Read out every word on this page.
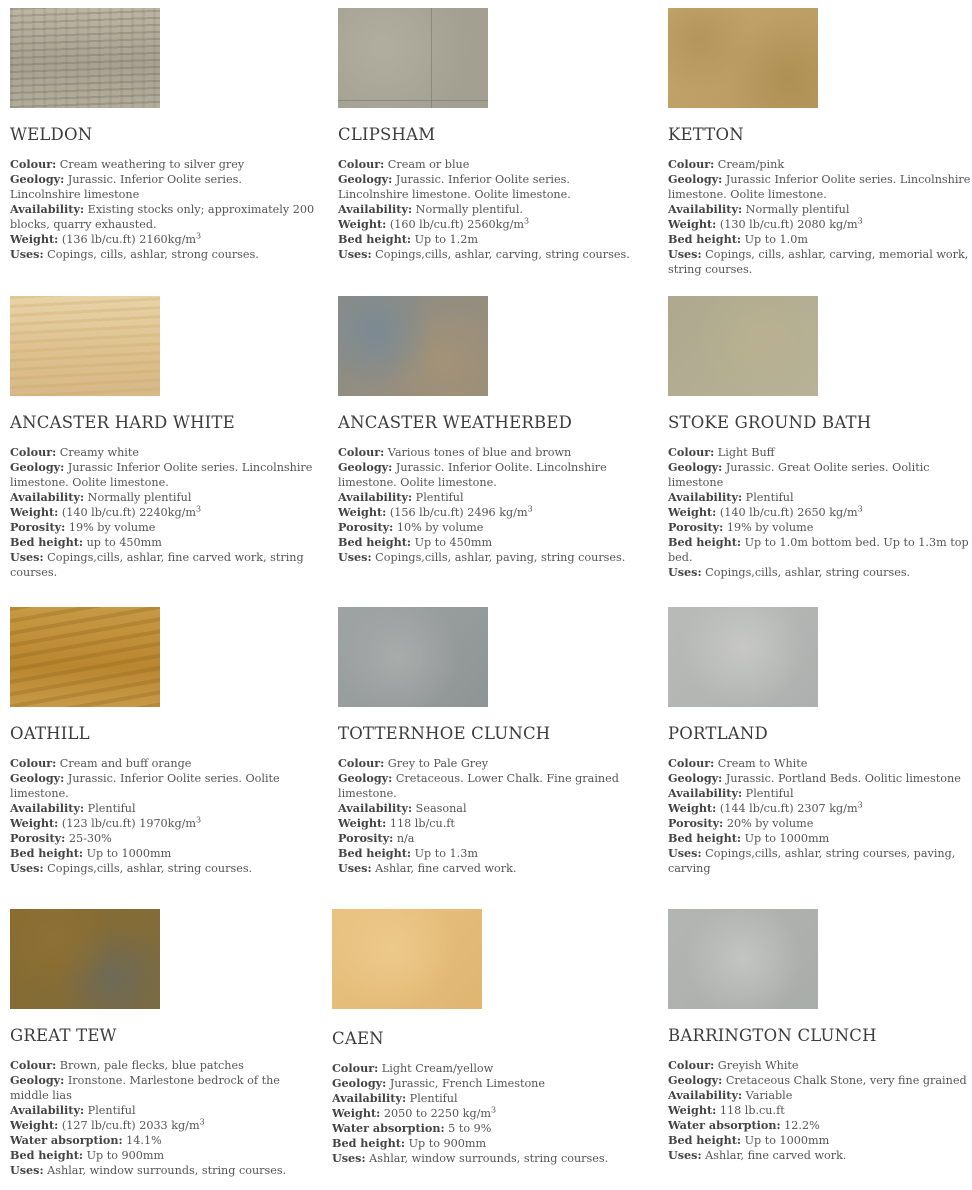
WELDON
Colour: Cream weathering to silver grey
Geology: Jurassic. Inferior Oolite series. Lincolnshire limestone
Availability: Existing stocks only; approximately 200 blocks, quarry exhausted.
Weight: (136 lb/cu.ft) $2160kg/m^3$
Uses: Copings, cills, ashlar, strong courses.
CLIPSHAM
Colour: Cream or blue
Geology: Jurassic. Inferior Oolite series. Lincolnshire limestone. Oolite limestone.
Availability: Normally plentiful.
Weight: (160 lb/cu.ft) $2560kg/m^3$
Bed height: Up to 1.2m
Uses: Copings,cills, ashlar, carving, string courses.
KETTON
Colour: Cream/pink
Geology: Jurassic Inferior Oolite series. Lincolnshire limestone. Oolite limestone.
Availability: Normally plentiful
Weight: (130 lb/cu.ft) 2080 $kg/m^3$
Bed height: Up to 1.0m
Uses: Copings, cills, ashlar, carving, memorial work, string courses.
ANCASTER HARD WHITE
Colour: Creamy white
Geology: Jurassic Inferior Oolite series. Lincolnshire limestone. Oolite limestone.
Availability: Normally plentiful
Weight: (140 lb/cu.ft) $2240kg/m^3$
Porosity: 19% by volume
Bed height: up to 450mm
Uses: Copings,cills, ashlar, fine carved work, string courses.
ANCASTER WEATHERBED
Colour: Various tones of blue and brown
Geology: Jurassic. Inferior Oolite. Lincolnshire limestone. Oolite limestone.
Availability: Plentiful
Weight: (156 lb/cu.ft) 2496 $kg/m^3$
Porosity: 10% by volume
Bed height: Up to 450mm
Uses: Copings,cills, ashlar, paving, string courses.
STOKE GROUND BATH
Colour: Light Buff
Geology: Jurassic. Great Oolite series. Oolitic limestone
Availability: Plentiful
Weight: (140 lb/cu.ft) 2650 $kg/m^3$
Porosity: 19% by volume
Bed height: Up to 1.0m bottom bed. Up to 1.3m top bed.
Uses: Copings,cills, ashlar, string courses.
OATHILL
Colour: Cream and buff orange
Geology: Jurassic. Inferior Oolite series. Oolite limestone.
Availability: Plentiful
Weight: (123 lb/cu.ft) $1970kg/m^3$
Porosity: 25-30%
Bed height: Up to 1000mm
Uses: Copings,cills, ashlar, string courses.
TOTTERNHOE CLUNCH
Colour: Grey to Pale Grey
Geology: Cretaceous. Lower Chalk. Fine grained limestone.
Availability: Seasonal
Weight: 118 lb/cu.ft
Porosity: n/a
Bed height: Up to 1.3m
Uses: Ashlar, fine carved work.
PORTLAND
Colour: Cream to White
Geology: Jurassic. Portland Beds. Oolitic limestone
Availability: Plentiful
Weight: (144 lb/cu.ft) 2307 $kg/m^3$
Porosity: 20% by volume
Bed height: Up to 1000mm
Uses: Copings,cills, ashlar, string courses, paving, carving
GREAT TEW
Colour: Brown, pale flecks, blue patches
Geology: Ironstone. Marlestone bedrock of the middle lias
Availability: Plentiful
Weight: (127 lb/cu.ft) 2033 $kg/m^3$
Water absorption: 14.1%
Bed height: Up to 900mm
Uses: Ashlar, window surrounds, string courses.
CAEN
Colour: Light Cream/yellow
Geology: Jurassic, French Limestone
Availability: Plentiful
Weight: 2050 to 2250 $kg/m^3$
Water absorption: 5 to 9%
Bed height: Up to 900mm
Uses: Ashlar, window surrounds, string courses.
BARRINGTON CLUNCH
Colour: Greyish White
Geology: Cretaceous Chalk Stone, very fine grained
Availability: Variable
Weight: 118 lb.cu.ft
Water absorption: 12.2%
Bed height: Up to 1000mm
Uses: Ashlar, fine carved work.
